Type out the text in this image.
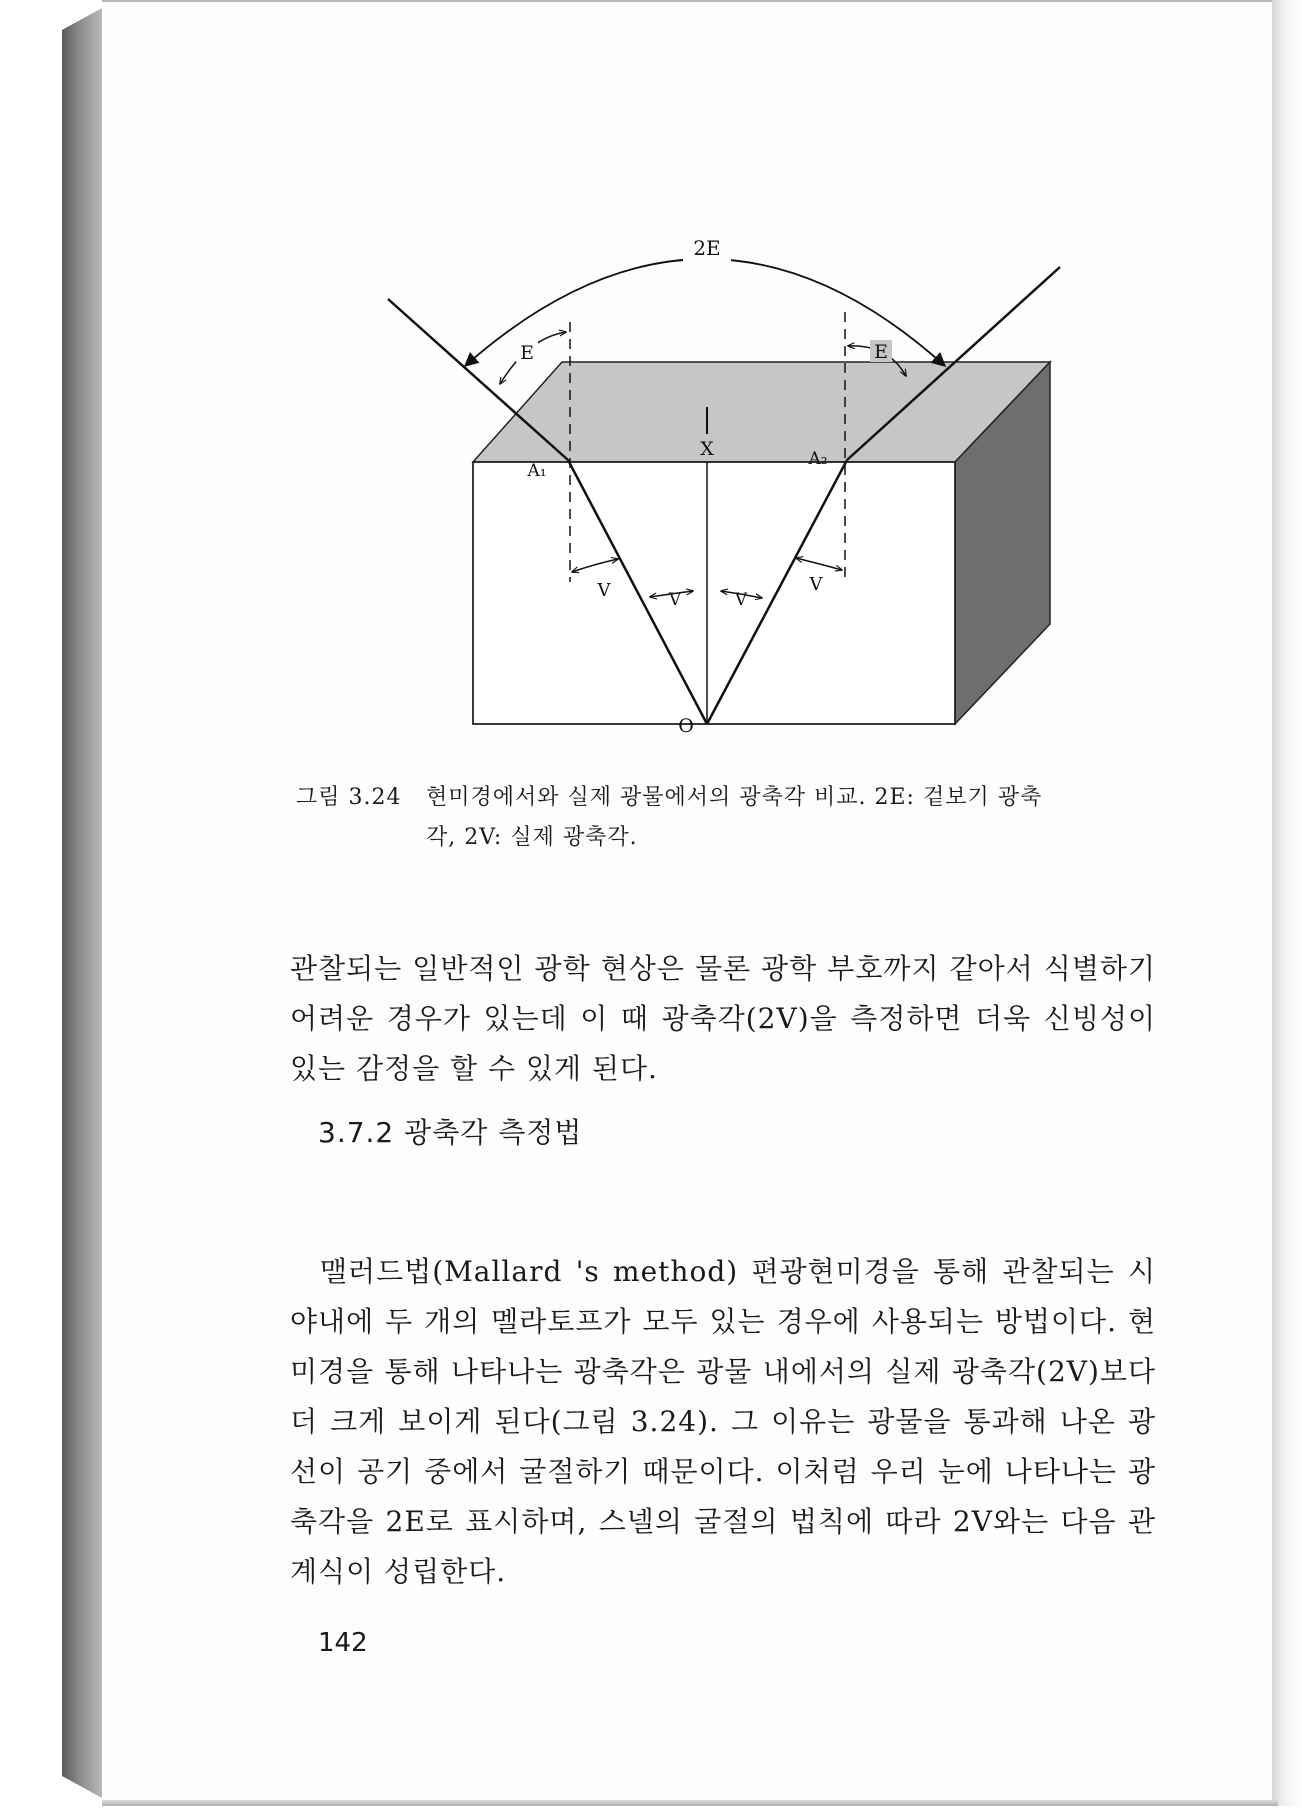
2E
E	E
X
A₁
A₂
O
V	V	V
V
그림 3.24 현미경에서와 실제 광물에서의 광축각 비교. 2E: 겉보기 광축
각, 2V: 실제 광축각.

관찰되는 일반적인 광학 현상은 물론 광학 부호까지 같아서 식별하기 어려운 경우가 있는데 이 때 광축각(2V)을 측정하면 더욱 신빙성이 있는 감정을 할 수 있게 된다.

3.7.2 광축각 측정법

맬러드법(Mallard 's method) 편광현미경을 통해 관찰되는 시야내에 두 개의 멜라토프가 모두 있는 경우에 사용되는 방법이다. 현미경을 통해 나타나는 광축각은 광물 내에서의 실제 광축각(2V)보다 더 크게 보이게 된다(그림 3.24). 그 이유는 광물을 통과해 나온 광선이 공기 중에서 굴절하기 때문이다. 이처럼 우리 눈에 나타나는 광축각을 2E로 표시하며, 스넬의 굴절의 법칙에 따라 2V와는 다음 관계식이 성립한다.

142
